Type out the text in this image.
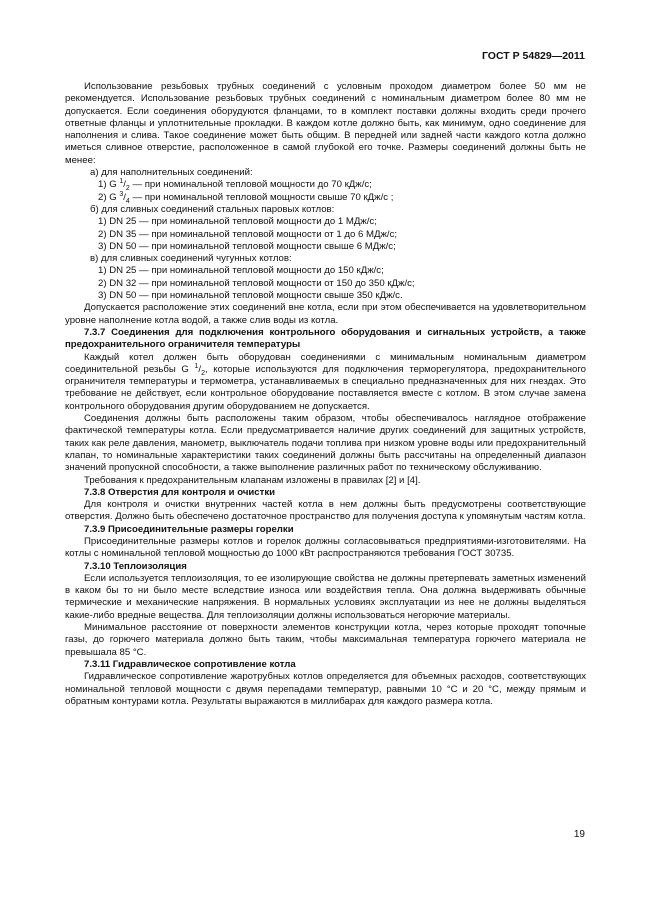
ГОСТ Р 54829—2011

Использование резьбовых трубных соединений с условным проходом диаметром более 50 мм не рекомендуется. Использование резьбовых трубных соединений с номинальным диаметром более 80 мм не допускается. Если соединения оборудуются фланцами, то в комплект поставки должны входить среди прочего ответные фланцы и уплотнительные прокладки. В каждом котле должно быть, как минимум, одно соединение для наполнения и слива. Такое соединение может быть общим. В передней или задней части каждого котла должно иметься сливное отверстие, расположенное в самой глубокой его точке. Размеры соединений должны быть не менее:

а) для наполнительных соединений:

1) G $^1/_2$ — при номинальной тепловой мощности до 70 кДж/с;

2) G $^3/_4$ — при номинальной тепловой мощности свыше 70 кДж/с ;

б) для сливных соединений стальных паровых котлов:

1) DN 25 — при номинальной тепловой мощности до 1 МДж/с;

2) DN 35 — при номинальной тепловой мощности от 1 до 6 МДж/с;

3) DN 50 — при номинальной тепловой мощности свыше 6 МДж/с;

в) для сливных соединений чугунных котлов:

1) DN 25 — при номинальной тепловой мощности до 150 кДж/с;

2) DN 32 — при номинальной тепловой мощности от 150 до 350 кДж/с;

3) DN 50 — при номинальной тепловой мощности свыше 350 кДж/с.

Допускается расположение этих соединений вне котла, если при этом обеспечивается на удовлетворительном уровне наполнение котла водой, а также слив воды из котла.

7.3.7 Соединения для подключения контрольного оборудования и сигнальных устройств, а также предохранительного ограничителя температуры

Каждый котел должен быть оборудован соединениями с минимальным номинальным диаметром соединительной резьбы G $^1/_2$, которые используются для подключения терморегулятора, предохранительного ограничителя температуры и термометра, устанавливаемых в специально предназначенных для них гнездах. Это требование не действует, если контрольное оборудование поставляется вместе с котлом. В этом случае замена контрольного оборудования другим оборудованием не допускается.

Соединения должны быть расположены таким образом, чтобы обеспечивалось наглядное отображение фактической температуры котла. Если предусматривается наличие других соединений для защитных устройств, таких как реле давления, манометр, выключатель подачи топлива при низком уровне воды или предохранительный клапан, то номинальные характеристики таких соединений должны быть рассчитаны на определенный диапазон значений пропускной способности, а также выполнение различных работ по техническому обслуживанию.

Требования к предохранительным клапанам изложены в правилах [2] и [4].

7.3.8 Отверстия для контроля и очистки

Для контроля и очистки внутренних частей котла в нем должны быть предусмотрены соответствующие отверстия. Должно быть обеспечено достаточное пространство для получения доступа к упомянутым частям котла.

7.3.9 Присоединительные размеры горелки

Присоединительные размеры котлов и горелок должны согласовываться предприятиями-изготовителями. На котлы с номинальной тепловой мощностью до 1000 кВт распространяются требования ГОСТ 30735.

7.3.10 Теплоизоляция

Если используется теплоизоляция, то ее изолирующие свойства не должны претерпевать заметных изменений в каком бы то ни было месте вследствие износа или воздействия тепла. Она должна выдерживать обычные термические и механические напряжения. В нормальных условиях эксплуатации из нее не должны выделяться какие-либо вредные вещества. Для теплоизоляции должны использоваться негорючие материалы.

Минимальное расстояние от поверхности элементов конструкции котла, через которые проходят топочные газы, до горючего материала должно быть таким, чтобы максимальная температура горючего материала не превышала 85 °С.

7.3.11 Гидравлическое сопротивление котла

Гидравлическое сопротивление жаротрубных котлов определяется для объемных расходов, соответствующих номинальной тепловой мощности с двумя перепадами температур, равными 10 °С и 20 °С, между прямым и обратным контурами котла. Результаты выражаются в миллибарах для каждого размера котла.

19
